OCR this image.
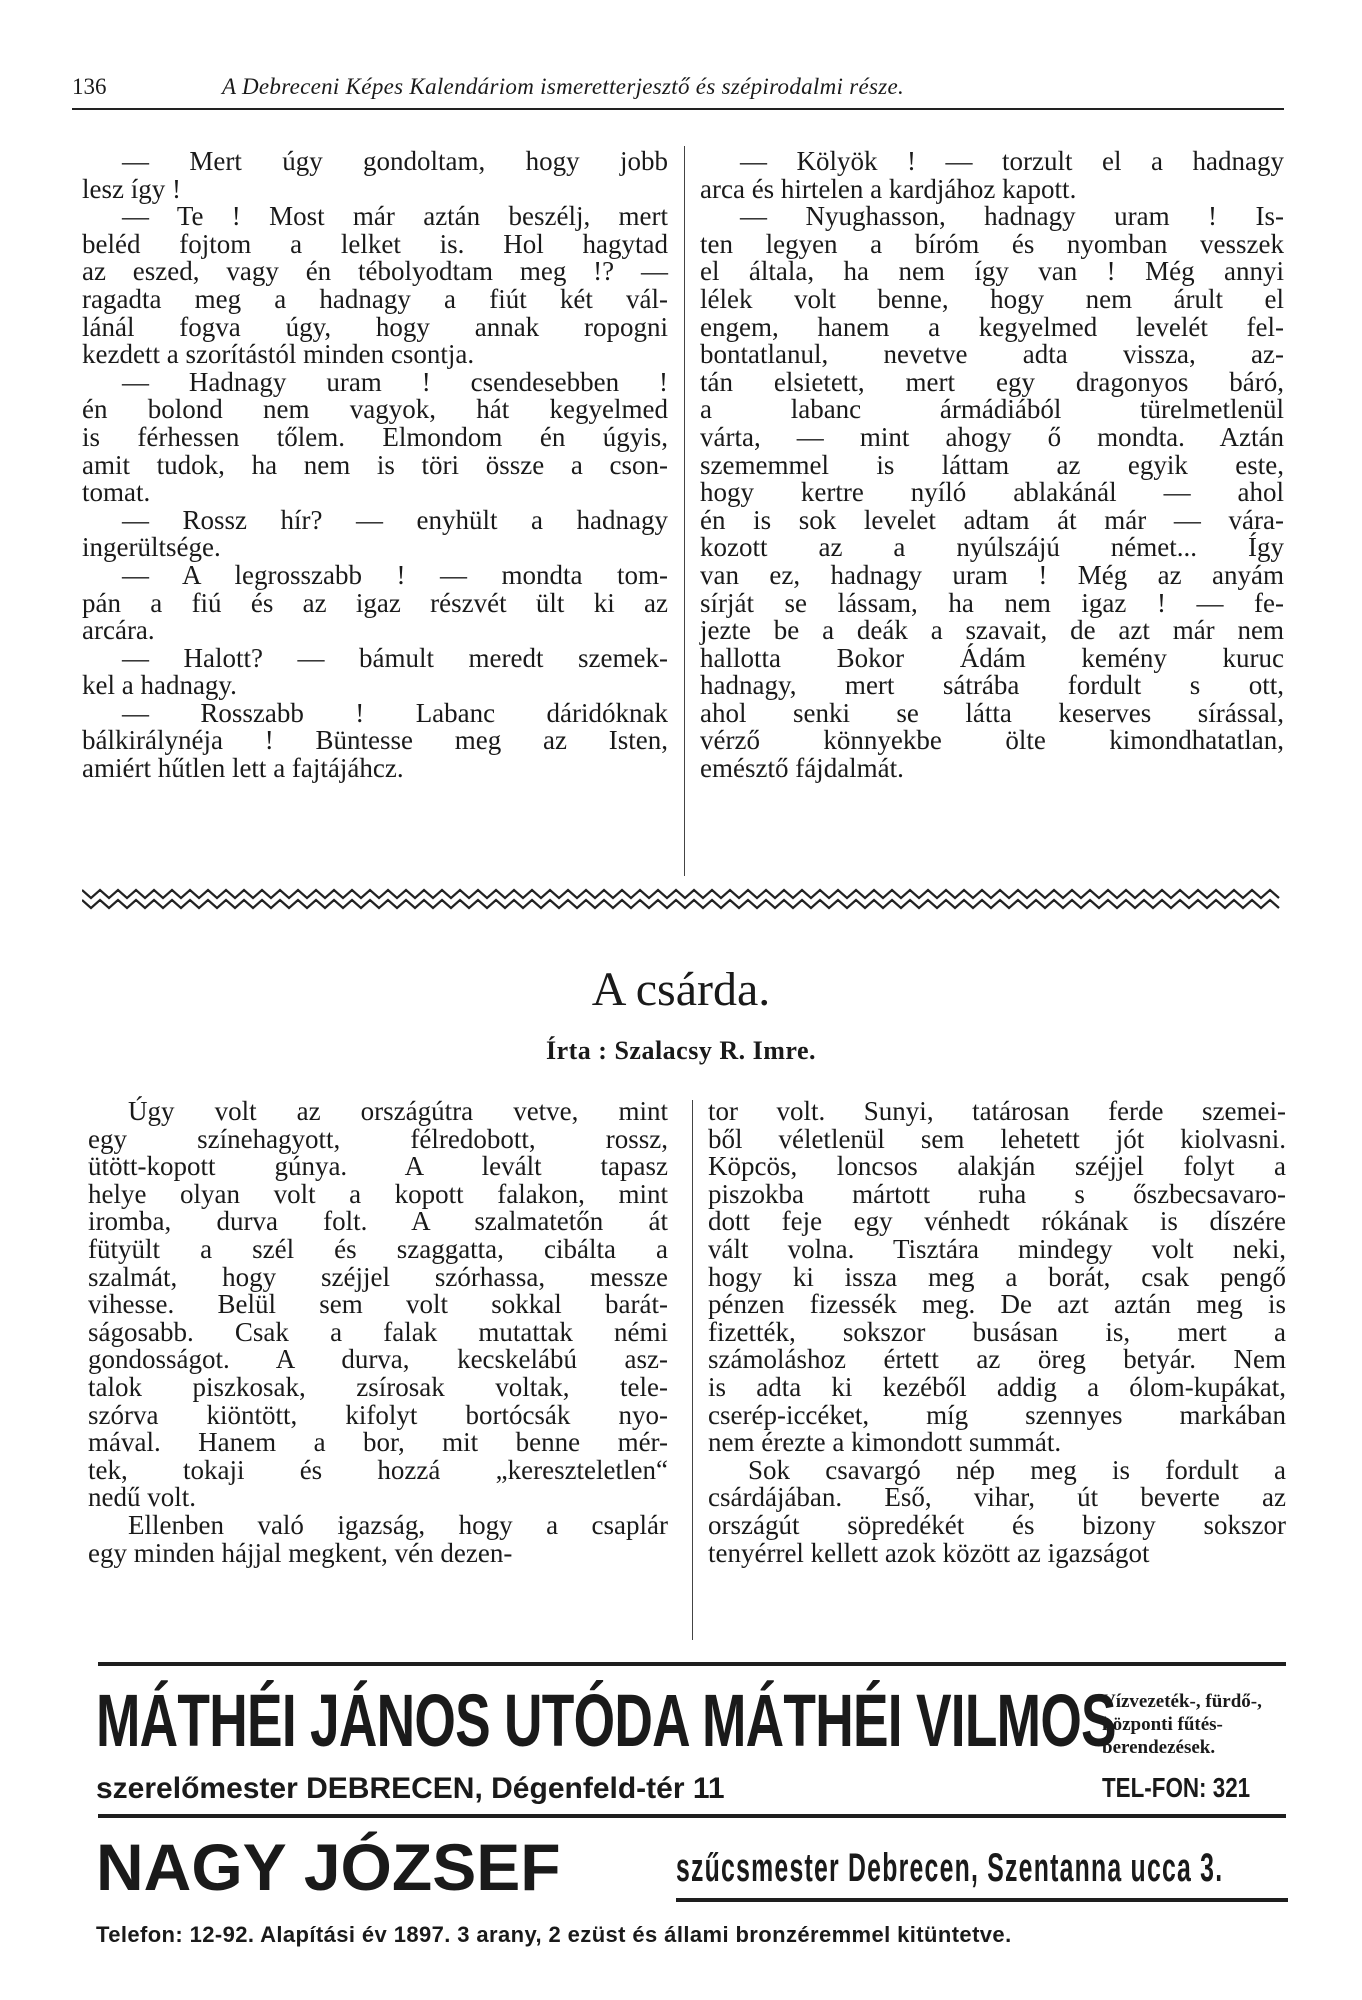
136	A Debreceni Képes Kalendáriom ismeretterjesztő és szépirodalmi része.
— Mert úgy gondoltam, hogy jobb
lesz így !
— Te ! Most már aztán beszélj, mert
beléd fojtom a lelket is. Hol hagytad
az eszed, vagy én tébolyodtam meg !? —
ragadta meg a hadnagy a fiút két vál-
lánál fogva úgy, hogy annak ropogni
kezdett a szorítástól minden csontja.
— Hadnagy uram ! csendesebben !
én bolond nem vagyok, hát kegyelmed
is férhessen tőlem. Elmondom én úgyis,
amit tudok, ha nem is töri össze a cson-
tomat.
— Rossz hír? — enyhült a hadnagy
ingerültsége.
— A legrosszabb ! — mondta tom-
pán a fiú és az igaz részvét ült ki az
arcára.
— Halott? — bámult meredt szemek-
kel a hadnagy.
— Rosszabb ! Labanc dáridóknak
bálkirálynéja ! Büntesse meg az Isten,
amiért hűtlen lett a fajtájáhcz.
— Kölyök ! — torzult el a hadnagy
arca és hirtelen a kardjához kapott.
— Nyughasson, hadnagy uram ! Is-
ten legyen a bíróm és nyomban vesszek
el általa, ha nem így van ! Még annyi
lélek volt benne, hogy nem árult el
engem, hanem a kegyelmed levelét fel-
bontatlanul, nevetve adta vissza, az-
tán elsietett, mert egy dragonyos báró,
a labanc ármádiából türelmetlenül
várta, — mint ahogy ő mondta. Aztán
szememmel is láttam az egyik este,
hogy kertre nyíló ablakánál — ahol
én is sok levelet adtam át már — vára-
kozott az a nyúlszájú német... Így
van ez, hadnagy uram ! Még az anyám
sírját se lássam, ha nem igaz ! — fe-
jezte be a deák a szavait, de azt már nem
hallotta Bokor Ádám kemény kuruc
hadnagy, mert sátrába fordult s ott,
ahol senki se látta keserves sírással,
vérző könnyekbe ölte kimondhatatlan,
emésztő fájdalmát.
A csárda.
Írta : Szalacsy R. Imre.
Úgy volt az országútra vetve, mint
egy színehagyott, félredobott, rossz,
ütött-kopott gúnya. A levált tapasz
helye olyan volt a kopott falakon, mint
iromba, durva folt. A szalmatetőn át
fütyült a szél és szaggatta, cibálta a
szalmát, hogy széjjel szórhassa, messze
vihesse. Belül sem volt sokkal barát-
ságosabb. Csak a falak mutattak némi
gondosságot. A durva, kecskelábú asz-
talok piszkosak, zsírosak voltak, tele-
szórva kiöntött, kifolyt bortócsák nyo-
mával. Hanem a bor, mit benne mér-
tek, tokaji és hozzá „kereszteletlen“
nedű volt.
Ellenben való igazság, hogy a csaplár
egy minden hájjal megkent, vén dezen-
tor volt. Sunyi, tatárosan ferde szemei-
ből véletlenül sem lehetett jót kiolvasni.
Köpcös, loncsos alakján széjjel folyt a
piszokba mártott ruha s őszbecsavaro-
dott feje egy vénhedt rókának is díszére
vált volna. Tisztára mindegy volt neki,
hogy ki issza meg a borát, csak pengő
pénzen fizessék meg. De azt aztán meg is
fizették, sokszor busásan is, mert a
számoláshoz értett az öreg betyár. Nem
is adta ki kezéből addig a ólom-kupákat,
cserép-iccéket, míg szennyes markában
nem érezte a kimondott summát.
Sok csavargó nép meg is fordult a
csárdájában. Eső, vihar, út beverte az
országút söpredékét és bizony sokszor
tenyérrel kellett azok között az igazságot
MÁTHÉI JÁNOS UTÓDA MÁTHÉI VILMOS
Vízvezeték-, fürdő-,
központi fűtés-
berendezések.
szerelőmester DEBRECEN, Dégenfeld-tér 11	TEL-FON: 321
NAGY JÓZSEF	szűcsmester Debrecen, Szentanna ucca 3.
Telefon: 12-92. Alapítási év 1897. 3 arany, 2 ezüst és állami bronzéremmel kitüntetve.
